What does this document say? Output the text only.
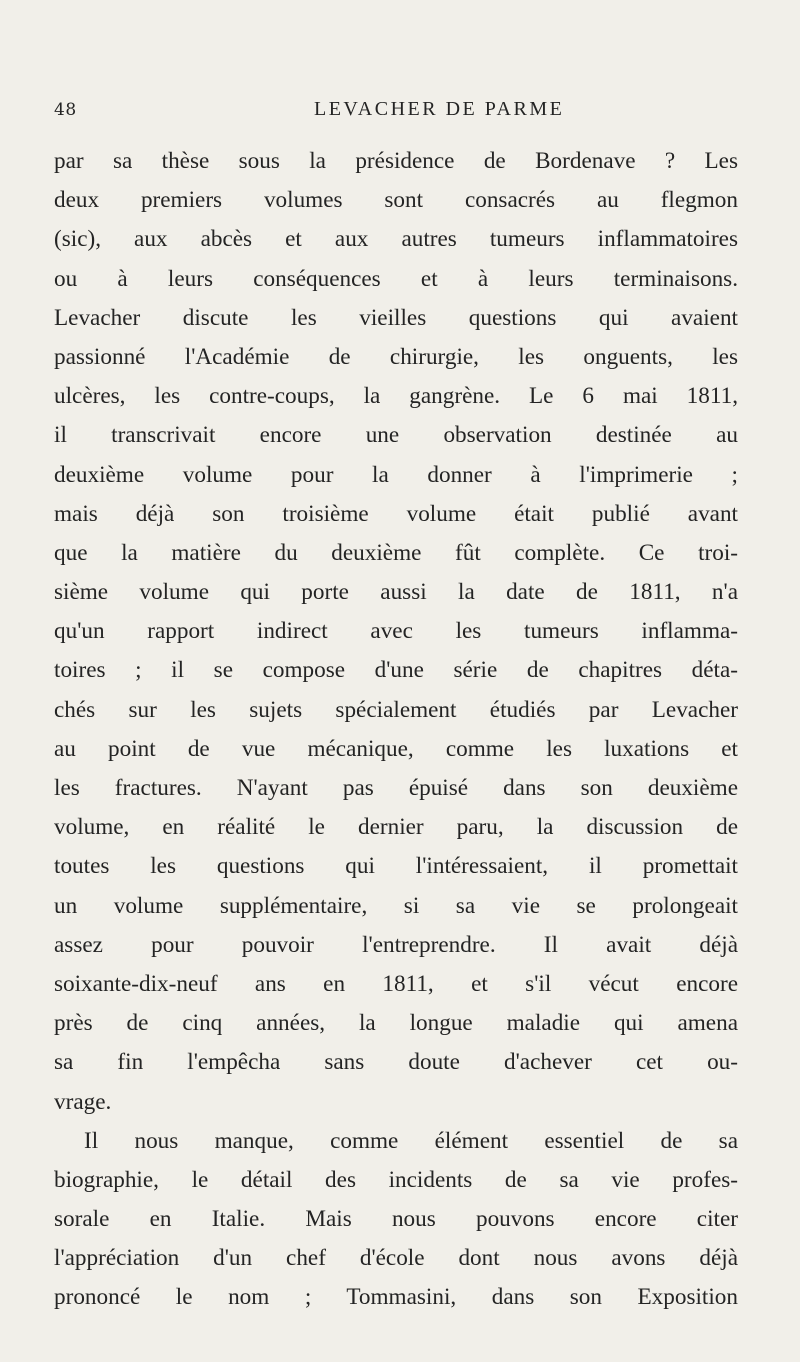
48	LEVACHER DE PARME
par sa thèse sous la présidence de Bordenave ? Les
deux premiers volumes sont consacrés au flegmon
(sic), aux abcès et aux autres tumeurs inflammatoires
ou à leurs conséquences et à leurs terminaisons.
Levacher discute les vieilles questions qui avaient
passionné l'Académie de chirurgie, les onguents, les
ulcères, les contre-coups, la gangrène. Le 6 mai 1811,
il transcrivait encore une observation destinée au
deuxième volume pour la donner à l'imprimerie ;
mais déjà son troisième volume était publié avant
que la matière du deuxième fût complète. Ce troi-
sième volume qui porte aussi la date de 1811, n'a
qu'un rapport indirect avec les tumeurs inflamma-
toires ; il se compose d'une série de chapitres déta-
chés sur les sujets spécialement étudiés par Levacher
au point de vue mécanique, comme les luxations et
les fractures. N'ayant pas épuisé dans son deuxième
volume, en réalité le dernier paru, la discussion de
toutes les questions qui l'intéressaient, il promettait
un volume supplémentaire, si sa vie se prolongeait
assez pour pouvoir l'entreprendre. Il avait déjà
soixante-dix-neuf ans en 1811, et s'il vécut encore
près de cinq années, la longue maladie qui amena
sa fin l'empêcha sans doute d'achever cet ou-
vrage.
Il nous manque, comme élément essentiel de sa
biographie, le détail des incidents de sa vie profes-
sorale en Italie. Mais nous pouvons encore citer
l'appréciation d'un chef d'école dont nous avons déjà
prononcé le nom ; Tommasini, dans son Exposition
